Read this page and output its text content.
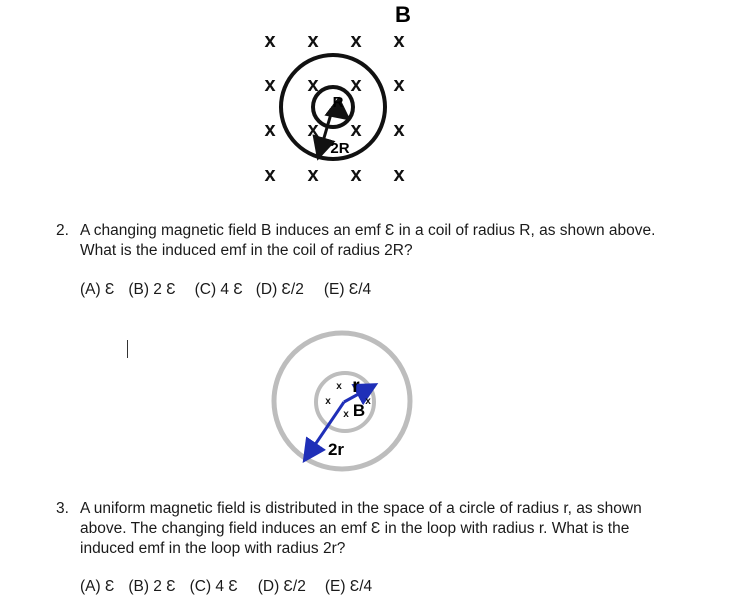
B
x x x x
x x x x
x x x x
x x x x
R
2R
2. A changing magnetic field B induces an emf Ɛ in a coil of radius R, as shown above.
What is the induced emf in the coil of radius 2R?
(A) Ɛ (B) 2 Ɛ (C) 4 Ɛ (D) Ɛ/2 (E) Ɛ/4
x
x	x
x
r
B
2r
3. A uniform magnetic field is distributed in the space of a circle of radius r, as shown
above. The changing field induces an emf Ɛ in the loop with radius r. What is the
induced emf in the loop with radius 2r?
(A) Ɛ (B) 2 Ɛ (C) 4 Ɛ (D) Ɛ/2 (E) Ɛ/4
